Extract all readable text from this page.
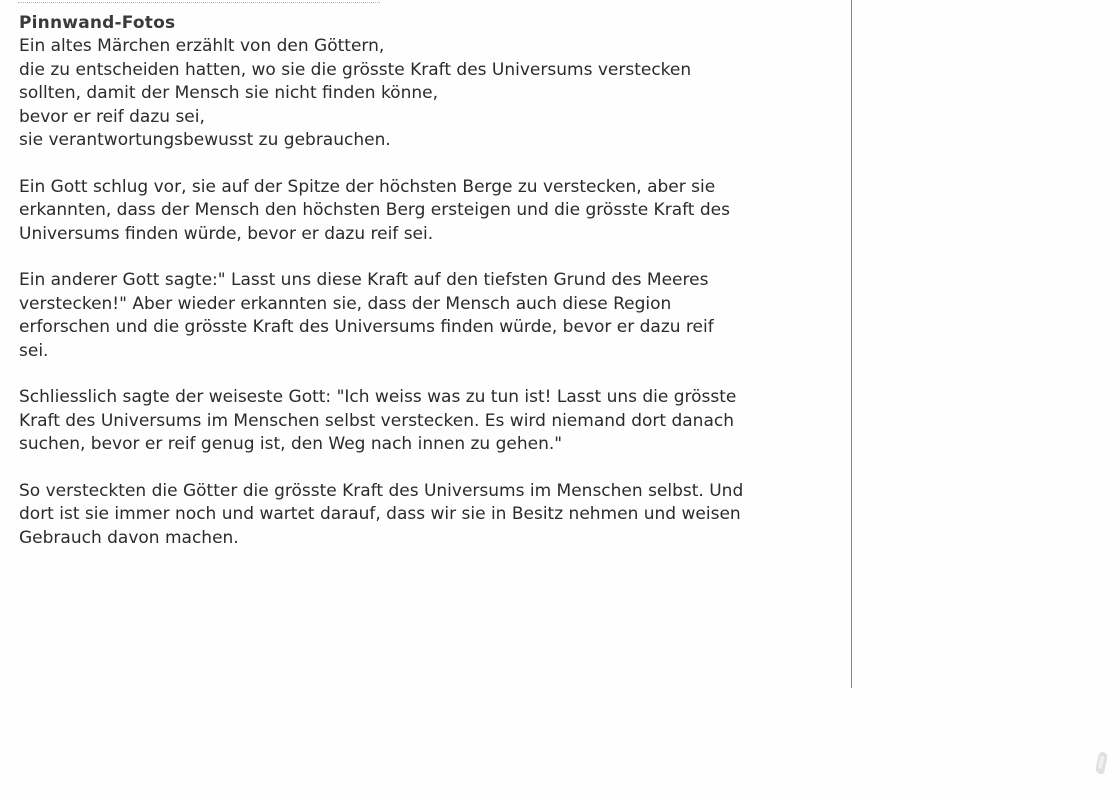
Pinnwand-Fotos

Ein altes Märchen erzählt von den Göttern,
die zu entscheiden hatten, wo sie die grösste Kraft des Universums verstecken
sollten, damit der Mensch sie nicht finden könne,
bevor er reif dazu sei,
sie verantwortungsbewusst zu gebrauchen.

Ein Gott schlug vor, sie auf der Spitze der höchsten Berge zu verstecken, aber sie
erkannten, dass der Mensch den höchsten Berg ersteigen und die grösste Kraft des
Universums finden würde, bevor er dazu reif sei.

Ein anderer Gott sagte:" Lasst uns diese Kraft auf den tiefsten Grund des Meeres
verstecken!" Aber wieder erkannten sie, dass der Mensch auch diese Region
erforschen und die grösste Kraft des Universums finden würde, bevor er dazu reif
sei.

Schliesslich sagte der weiseste Gott: "Ich weiss was zu tun ist! Lasst uns die grösste
Kraft des Universums im Menschen selbst verstecken. Es wird niemand dort danach
suchen, bevor er reif genug ist, den Weg nach innen zu gehen."

So versteckten die Götter die grösste Kraft des Universums im Menschen selbst. Und
dort ist sie immer noch und wartet darauf, dass wir sie in Besitz nehmen und weisen
Gebrauch davon machen.
